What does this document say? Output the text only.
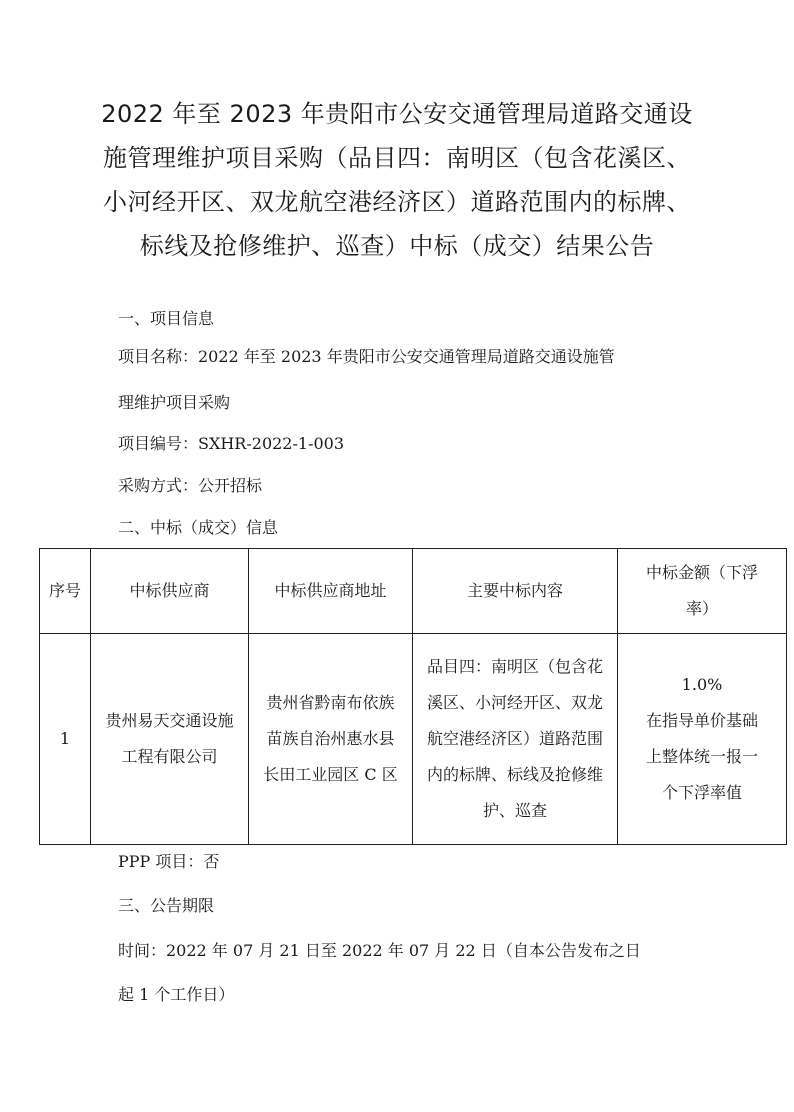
2022 年至 2023 年贵阳市公安交通管理局道路交通设
施管理维护项目采购（品目四：南明区（包含花溪区、
小河经开区、双龙航空港经济区）道路范围内的标牌、
标线及抢修维护、巡查）中标（成交）结果公告
一、项目信息
项目名称：2022 年至 2023 年贵阳市公安交通管理局道路交通设施管
理维护项目采购
项目编号：SXHR-2022-1-003
采购方式：公开招标
二、中标（成交）信息
序号	中标供应商	中标供应商地址	主要中标内容	中标金额（下浮
率）

1	贵州易天交通设施
工程有限公司	贵州省黔南布依族
苗族自治州惠水县
长田工业园区 C 区	品目四：南明区（包含花
溪区、小河经开区、双龙
航空港经济区）道路范围
内的标牌、标线及抢修维
护、巡查	1.0%
在指导单价基础
上整体统一报一
个下浮率值
PPP 项目：否
三、公告期限
时间：2022 年 07 月 21 日至 2022 年 07 月 22 日（自本公告发布之日
起 1 个工作日）
